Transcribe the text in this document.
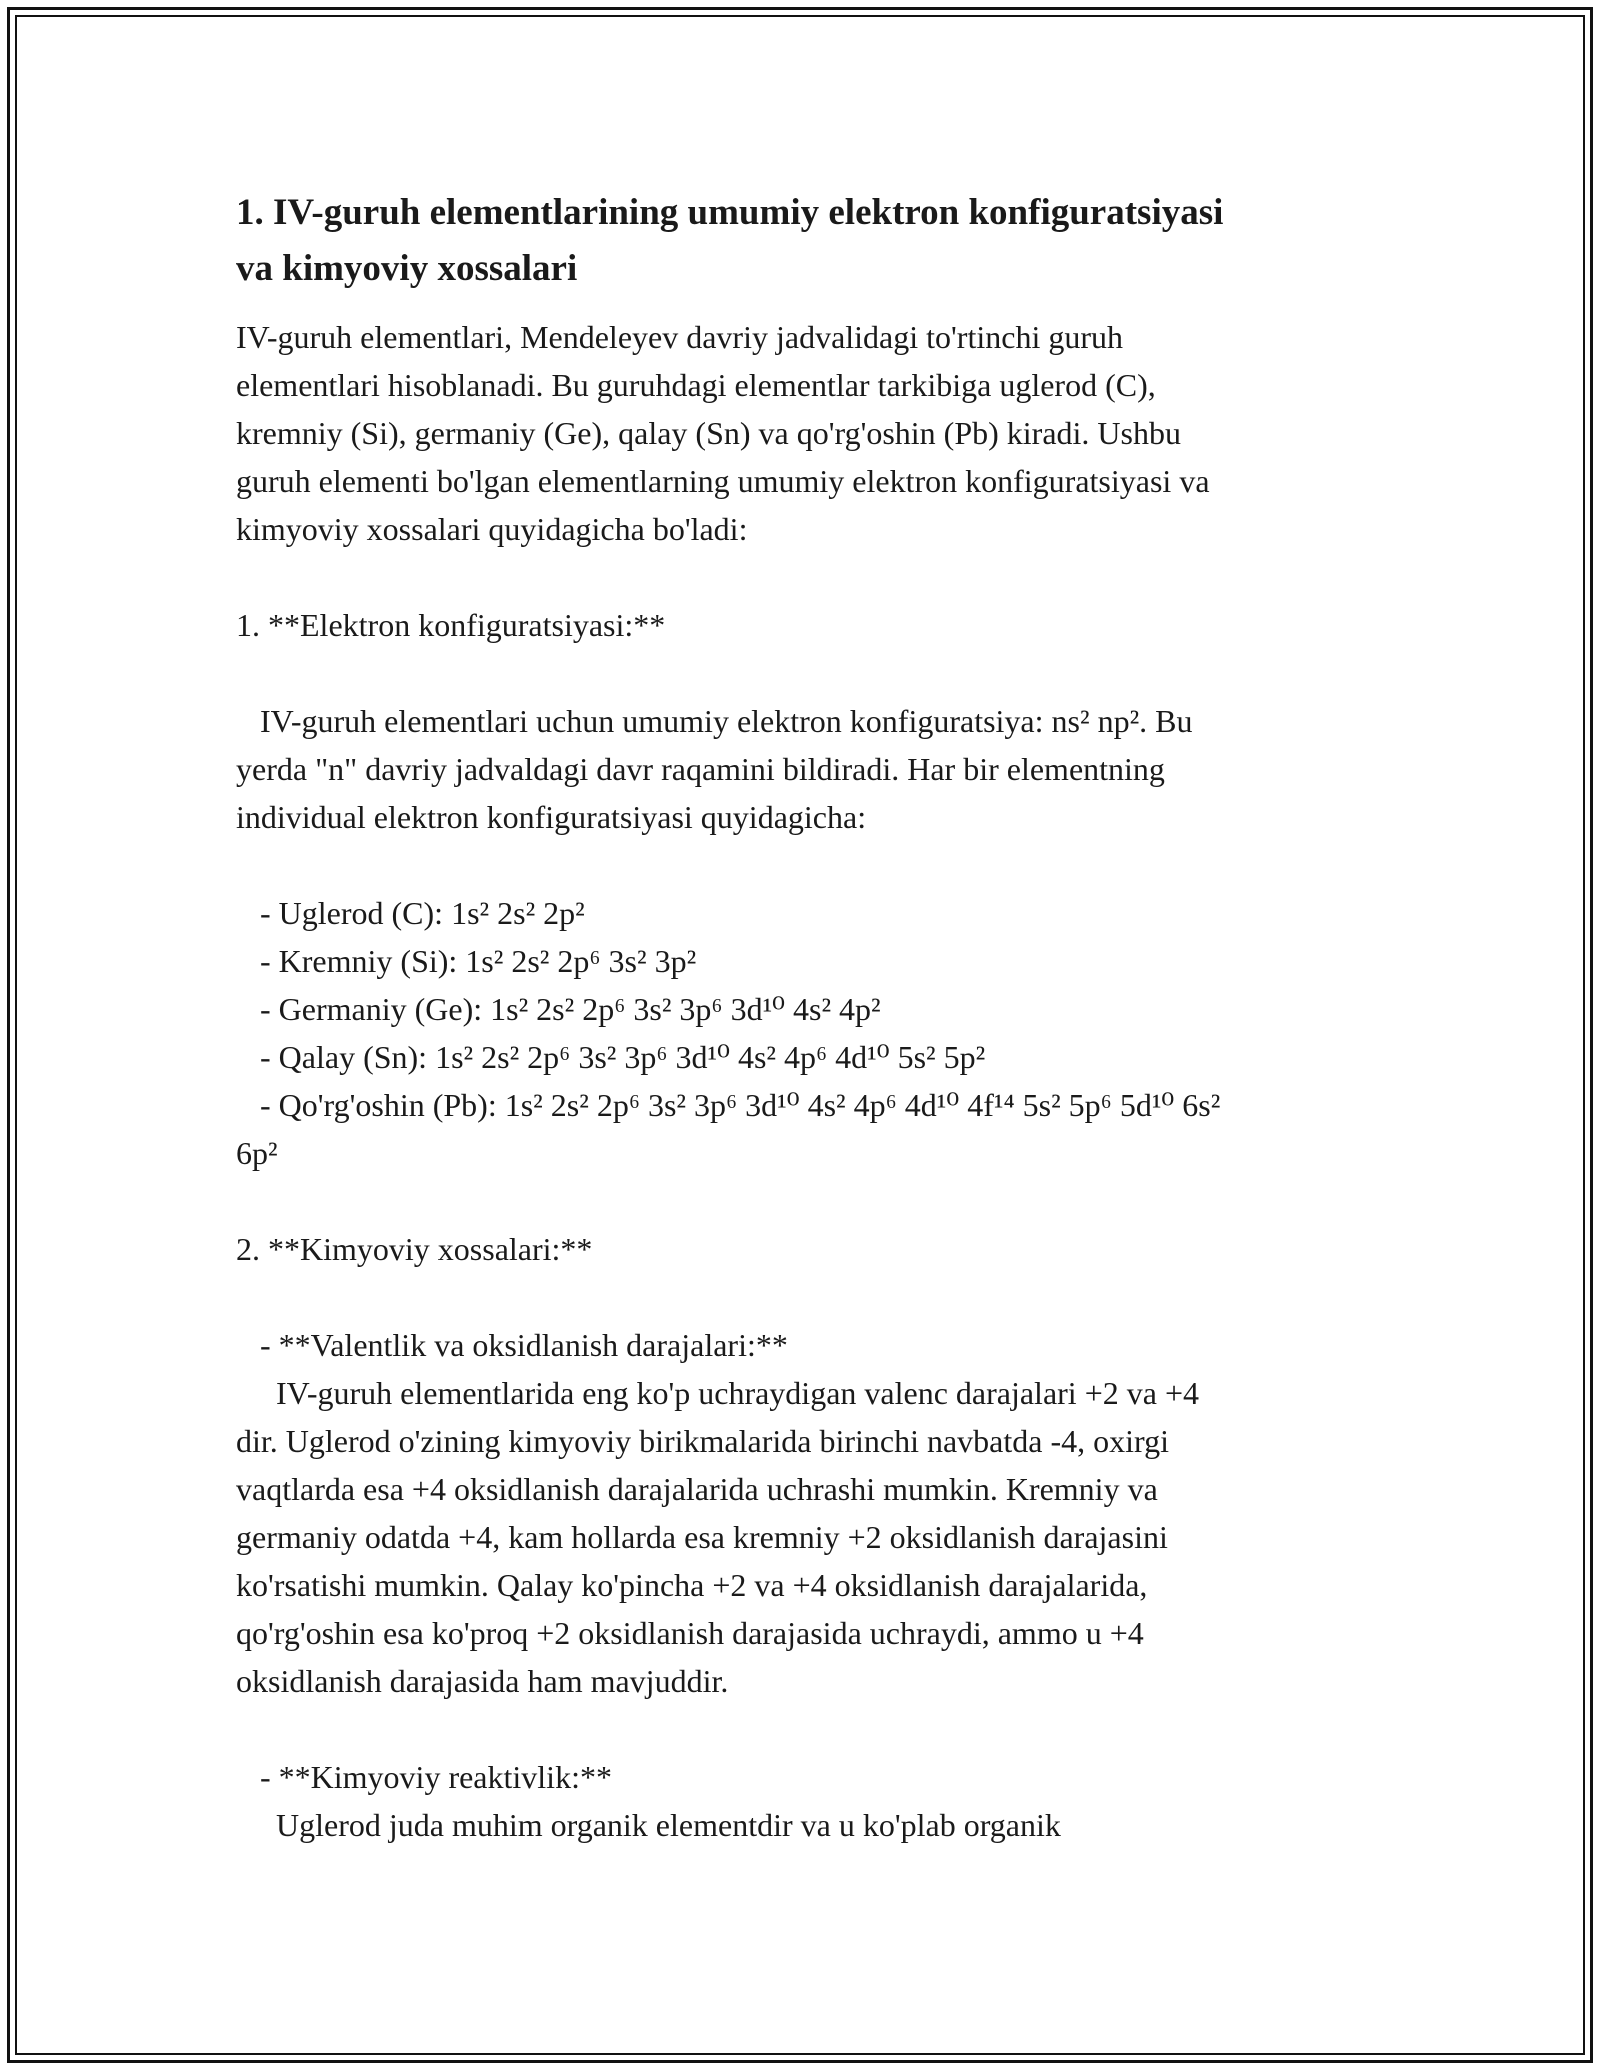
1. IV-guruh elementlarining umumiy elektron konfiguratsiyasi
va kimyoviy xossalari

IV-guruh elementlari, Mendeleyev davriy jadvalidagi to'rtinchi guruh

elementlari hisoblanadi. Bu guruhdagi elementlar tarkibiga uglerod (C),

kremniy (Si), germaniy (Ge), qalay (Sn) va qo'rg'oshin (Pb) kiradi. Ushbu

guruh elementi bo'lgan elementlarning umumiy elektron konfiguratsiyasi va

kimyoviy xossalari quyidagicha bo'ladi:

1. **Elektron konfiguratsiyasi:**

IV-guruh elementlari uchun umumiy elektron konfiguratsiya: ns² np². Bu

yerda "n" davriy jadvaldagi davr raqamini bildiradi. Har bir elementning

individual elektron konfiguratsiyasi quyidagicha:

- Uglerod (C): 1s² 2s² 2p²

- Kremniy (Si): 1s² 2s² 2p⁶ 3s² 3p²

- Germaniy (Ge): 1s² 2s² 2p⁶ 3s² 3p⁶ 3d¹⁰ 4s² 4p²

- Qalay (Sn): 1s² 2s² 2p⁶ 3s² 3p⁶ 3d¹⁰ 4s² 4p⁶ 4d¹⁰ 5s² 5p²

- Qo'rg'oshin (Pb): 1s² 2s² 2p⁶ 3s² 3p⁶ 3d¹⁰ 4s² 4p⁶ 4d¹⁰ 4f¹⁴ 5s² 5p⁶ 5d¹⁰ 6s²

6p²

2. **Kimyoviy xossalari:**

- **Valentlik va oksidlanish darajalari:**

IV-guruh elementlarida eng ko'p uchraydigan valenc darajalari +2 va +4

dir. Uglerod o'zining kimyoviy birikmalarida birinchi navbatda -4, oxirgi

vaqtlarda esa +4 oksidlanish darajalarida uchrashi mumkin. Kremniy va

germaniy odatda +4, kam hollarda esa kremniy +2 oksidlanish darajasini

ko'rsatishi mumkin. Qalay ko'pincha +2 va +4 oksidlanish darajalarida,

qo'rg'oshin esa ko'proq +2 oksidlanish darajasida uchraydi, ammo u +4

oksidlanish darajasida ham mavjuddir.

- **Kimyoviy reaktivlik:**

Uglerod juda muhim organik elementdir va u ko'plab organik
